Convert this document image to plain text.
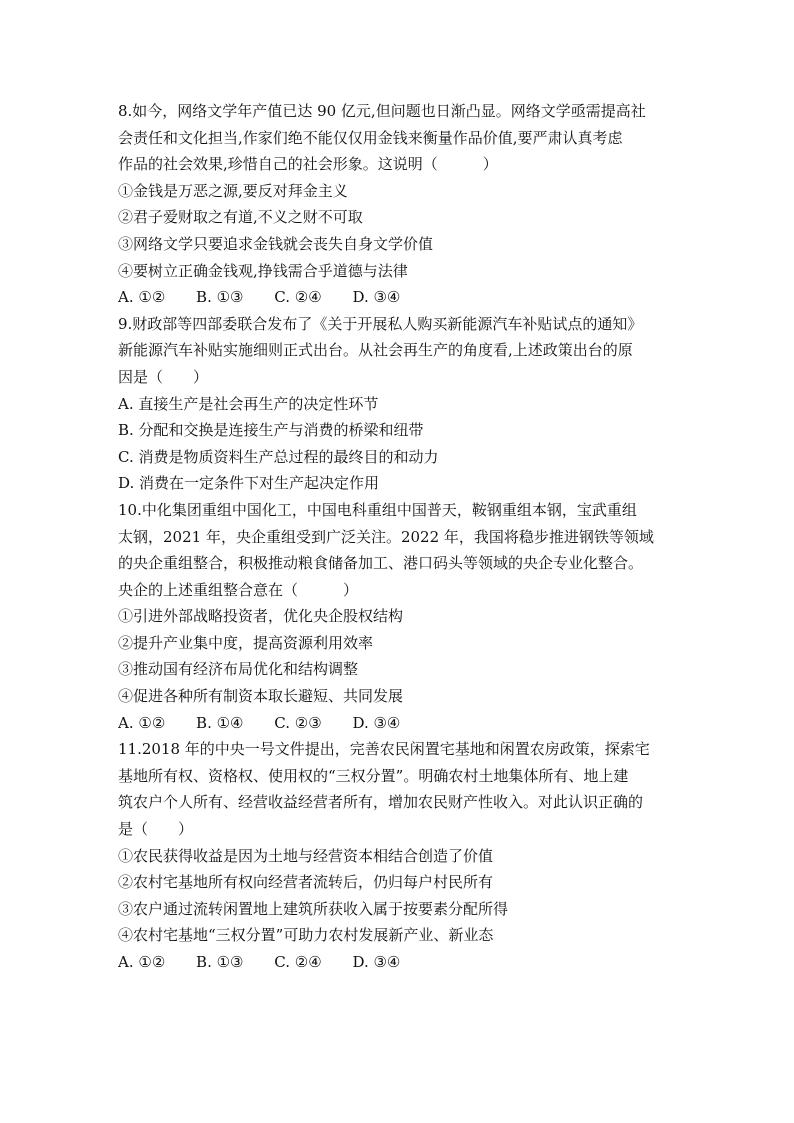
8.如今，网络文学年产值已达 90 亿元,但问题也日渐凸显。网络文学亟需提高社
会责任和文化担当,作家们绝不能仅仅用金钱来衡量作品价值,要严肃认真考虑
作品的社会效果,珍惜自己的社会形象。这说明（　　　）
①金钱是万恶之源,要反对拜金主义
②君子爱财取之有道,不义之财不可取
③网络文学只要追求金钱就会丧失自身文学价值
④要树立正确金钱观,挣钱需合乎道德与法律
A. ①② B. ①③ C. ②④ D. ③④
9.财政部等四部委联合发布了《关于开展私人购买新能源汽车补贴试点的通知》
新能源汽车补贴实施细则正式出台。从社会再生产的角度看,上述政策出台的原
因是（　　）
A. 直接生产是社会再生产的决定性环节
B. 分配和交换是连接生产与消费的桥梁和纽带
C. 消费是物质资料生产总过程的最终目的和动力
D. 消费在一定条件下对生产起决定作用
10.中化集团重组中国化工，中国电科重组中国普天，鞍钢重组本钢，宝武重组
太钢，2021 年，央企重组受到广泛关注。2022 年，我国将稳步推进钢铁等领域
的央企重组整合，积极推动粮食储备加工、港口码头等领域的央企专业化整合。
央企的上述重组整合意在（　　　）
①引进外部战略投资者，优化央企股权结构
②提升产业集中度，提高资源利用效率
③推动国有经济布局优化和结构调整
④促进各种所有制资本取长避短、共同发展
A. ①② B. ①④ C. ②③ D. ③④
11.2018 年的中央一号文件提出，完善农民闲置宅基地和闲置农房政策，探索宅
基地所有权、资格权、使用权的“三权分置”。明确农村土地集体所有、地上建
筑农户个人所有、经营收益经营者所有，增加农民财产性收入。对此认识正确的
是（　　）
①农民获得收益是因为土地与经营资本相结合创造了价值
②农村宅基地所有权向经营者流转后，仍归每户村民所有
③农户通过流转闲置地上建筑所获收入属于按要素分配所得
④农村宅基地“三权分置”可助力农村发展新产业、新业态
A. ①② B. ①③ C. ②④ D. ③④
